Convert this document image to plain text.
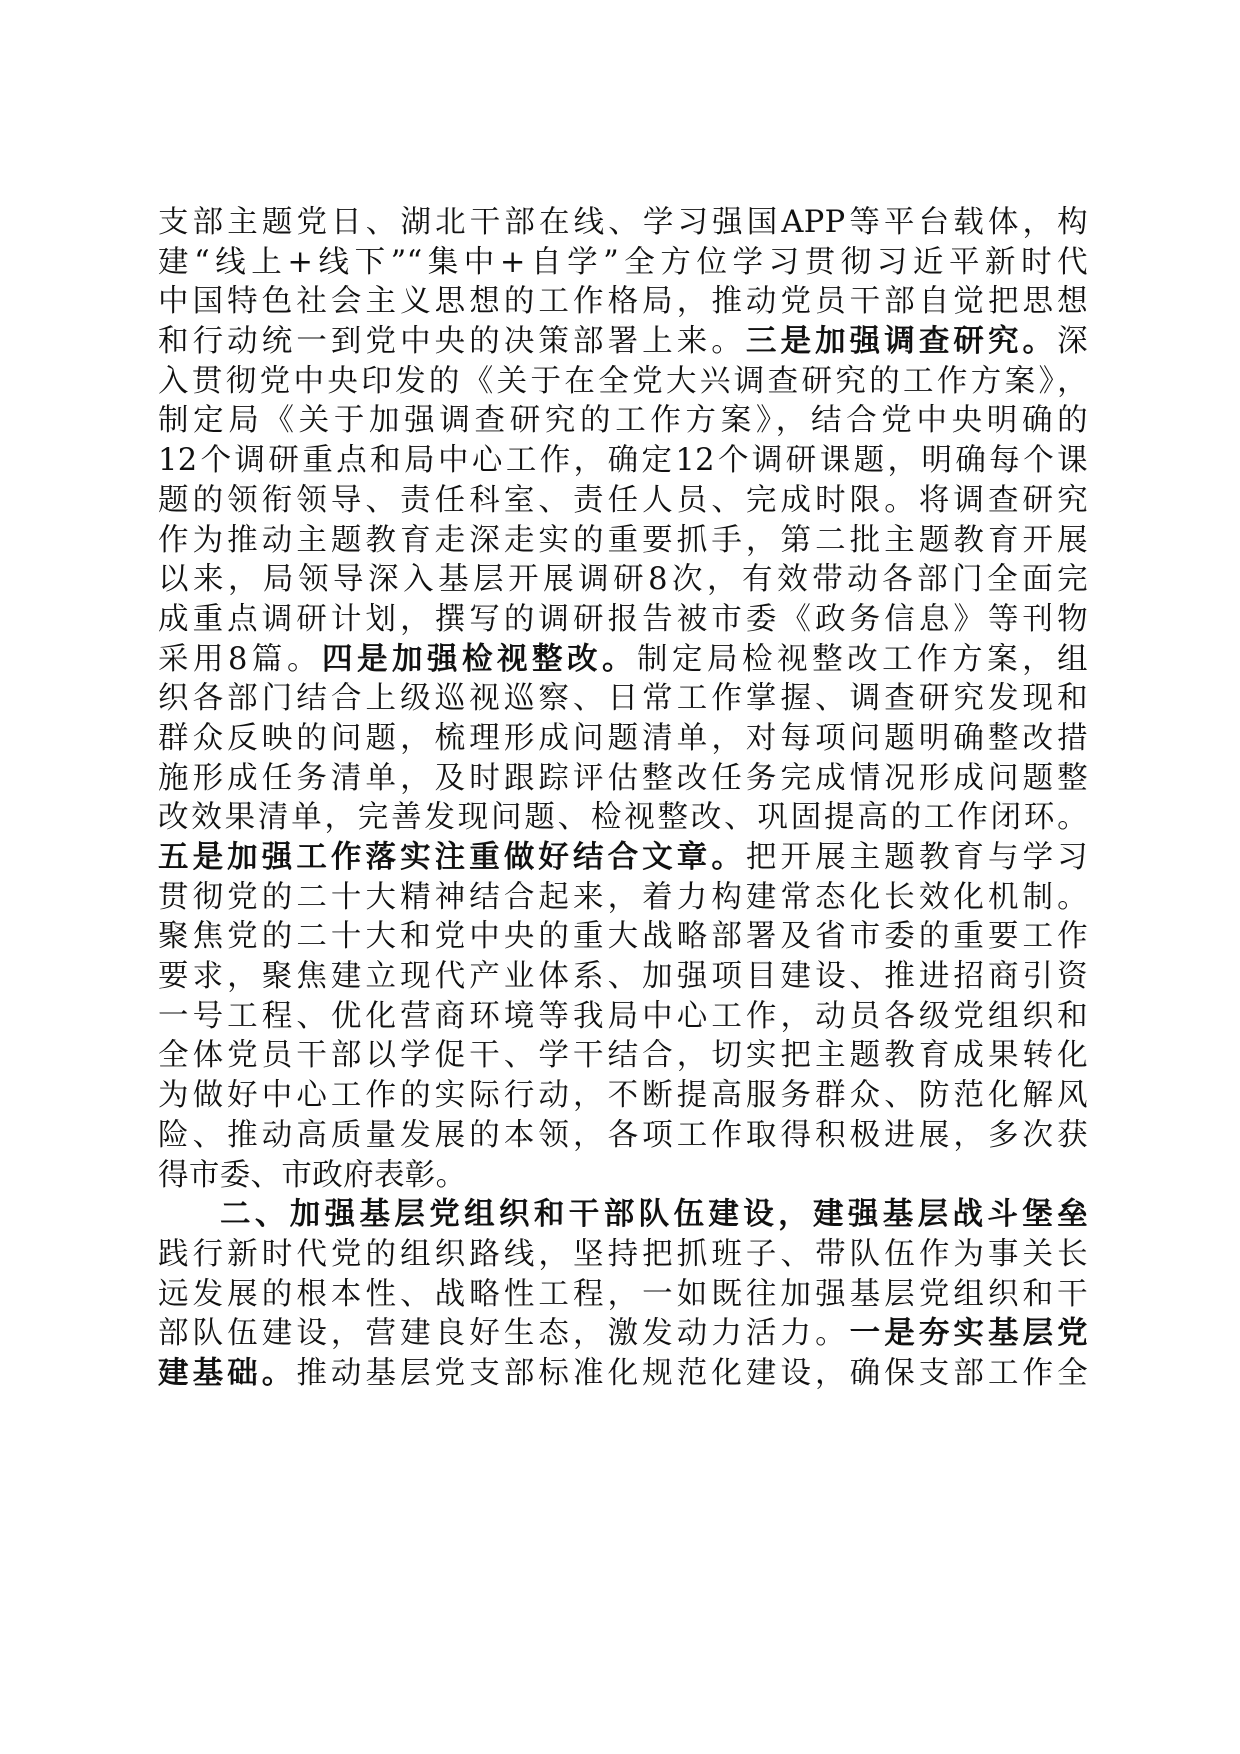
支部主题党日、湖北干部在线、学习强国APP等平台载体，构
建“线上+线下”“集中+自学”全方位学习贯彻习近平新时代
中国特色社会主义思想的工作格局，推动党员干部自觉把思想
和行动统一到党中央的决策部署上来。三是加强调查研究。深
入贯彻党中央印发的《关于在全党大兴调查研究的工作方案》，
制定局《关于加强调查研究的工作方案》，结合党中央明确的
12个调研重点和局中心工作，确定12个调研课题，明确每个课
题的领衔领导、责任科室、责任人员、完成时限。将调查研究
作为推动主题教育走深走实的重要抓手，第二批主题教育开展
以来，局领导深入基层开展调研8次，有效带动各部门全面完
成重点调研计划，撰写的调研报告被市委《政务信息》等刊物
采用8篇。四是加强检视整改。制定局检视整改工作方案，组
织各部门结合上级巡视巡察、日常工作掌握、调查研究发现和
群众反映的问题，梳理形成问题清单，对每项问题明确整改措
施形成任务清单，及时跟踪评估整改任务完成情况形成问题整
改效果清单，完善发现问题、检视整改、巩固提高的工作闭环。
五是加强工作落实注重做好结合文章。把开展主题教育与学习
贯彻党的二十大精神结合起来，着力构建常态化长效化机制。
聚焦党的二十大和党中央的重大战略部署及省市委的重要工作
要求，聚焦建立现代产业体系、加强项目建设、推进招商引资
一号工程、优化营商环境等我局中心工作，动员各级党组织和
全体党员干部以学促干、学干结合，切实把主题教育成果转化
为做好中心工作的实际行动，不断提高服务群众、防范化解风
险、推动高质量发展的本领，各项工作取得积极进展，多次获
得市委、市政府表彰。
二、加强基层党组织和干部队伍建设，建强基层战斗堡垒
践行新时代党的组织路线，坚持把抓班子、带队伍作为事关长
远发展的根本性、战略性工程，一如既往加强基层党组织和干
部队伍建设，营建良好生态，激发动力活力。一是夯实基层党
建基础。推动基层党支部标准化规范化建设，确保支部工作全
